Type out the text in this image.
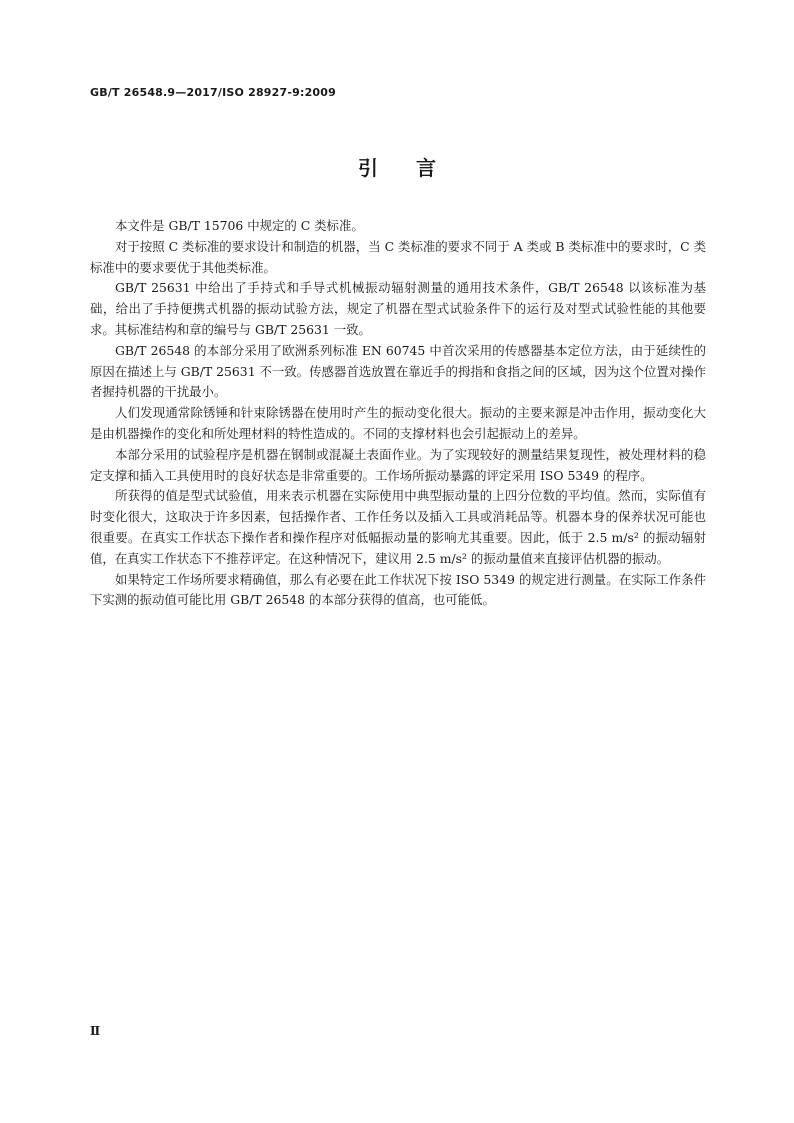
GB/T 26548.9—2017/ISO 28927-9:2009
引言

本文件是 GB/T 15706 中规定的 C 类标准。

对于按照 C 类标准的要求设计和制造的机器，当 C 类标准的要求不同于 A 类或 B 类标准中的要求时，C 类标准中的要求要优于其他类标准。

GB/T 25631 中给出了手持式和手导式机械振动辐射测量的通用技术条件，GB/T 26548 以该标准为基础，给出了手持便携式机器的振动试验方法，规定了机器在型式试验条件下的运行及对型式试验性能的其他要求。其标准结构和章的编号与 GB/T 25631 一致。

GB/T 26548 的本部分采用了欧洲系列标准 EN 60745 中首次采用的传感器基本定位方法，由于延续性的原因在描述上与 GB/T 25631 不一致。传感器首选放置在靠近手的拇指和食指之间的区域，因为这个位置对操作者握持机器的干扰最小。

人们发现通常除锈锤和针束除锈器在使用时产生的振动变化很大。振动的主要来源是冲击作用，振动变化大是由机器操作的变化和所处理材料的特性造成的。不同的支撑材料也会引起振动上的差异。

本部分采用的试验程序是机器在钢制或混凝土表面作业。为了实现较好的测量结果复现性，被处理材料的稳定支撑和插入工具使用时的良好状态是非常重要的。工作场所振动暴露的评定采用 ISO 5349 的程序。

所获得的值是型式试验值，用来表示机器在实际使用中典型振动量的上四分位数的平均值。然而，实际值有时变化很大，这取决于许多因素，包括操作者、工作任务以及插入工具或消耗品等。机器本身的保养状况可能也很重要。在真实工作状态下操作者和操作程序对低幅振动量的影响尤其重要。因此，低于 2.5 m/s² 的振动辐射值，在真实工作状态下不推荐评定。在这种情况下，建议用 2.5 m/s² 的振动量值来直接评估机器的振动。

如果特定工作场所要求精确值，那么有必要在此工作状况下按 ISO 5349 的规定进行测量。在实际工作条件下实测的振动值可能比用 GB/T 26548 的本部分获得的值高，也可能低。

Ⅱ
